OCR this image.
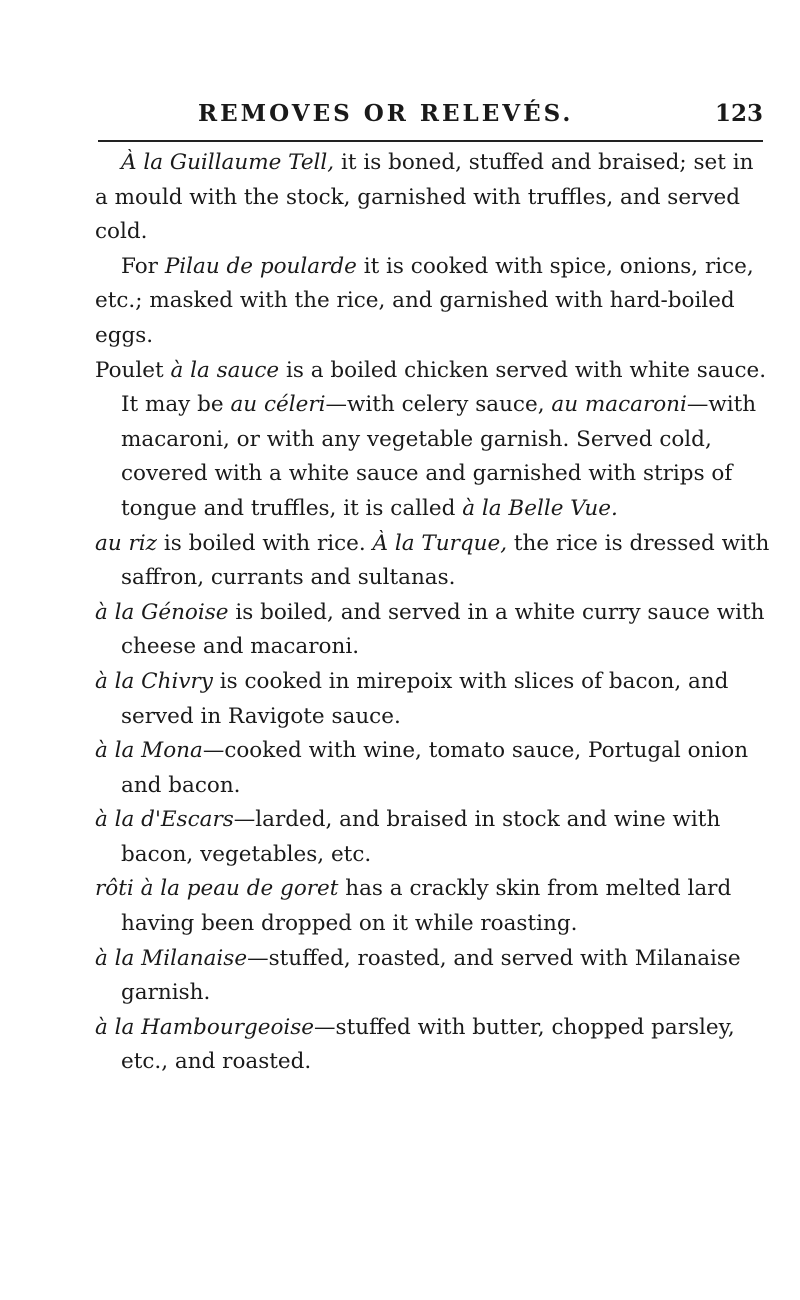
REMOVES OR RELEVÉS.	123

À la Guillaume Tell, it is boned, stuffed and braised; set in a mould with the stock, garnished with truffles, and served cold.

For Pilau de poularde it is cooked with spice, onions, rice, etc.; masked with the rice, and garnished with hard-boiled eggs.

Poulet à la sauce is a boiled chicken served with white sauce. It may be au céleri—with celery sauce, au macaroni—with macaroni, or with any vegetable garnish. Served cold, covered with a white sauce and garnished with strips of tongue and truffles, it is called à la Belle Vue.

au riz is boiled with rice. À la Turque, the rice is dressed with saffron, currants and sultanas.

à la Génoise is boiled, and served in a white curry sauce with cheese and macaroni.

à la Chivry is cooked in mirepoix with slices of bacon, and served in Ravigote sauce.

à la Mona—cooked with wine, tomato sauce, Portugal onion and bacon.

à la d'Escars—larded, and braised in stock and wine with bacon, vegetables, etc.

rôti à la peau de goret has a crackly skin from melted lard having been dropped on it while roasting.

à la Milanaise—stuffed, roasted, and served with Milanaise garnish.

à la Hambourgeoise—stuffed with butter, chopped parsley, etc., and roasted.
